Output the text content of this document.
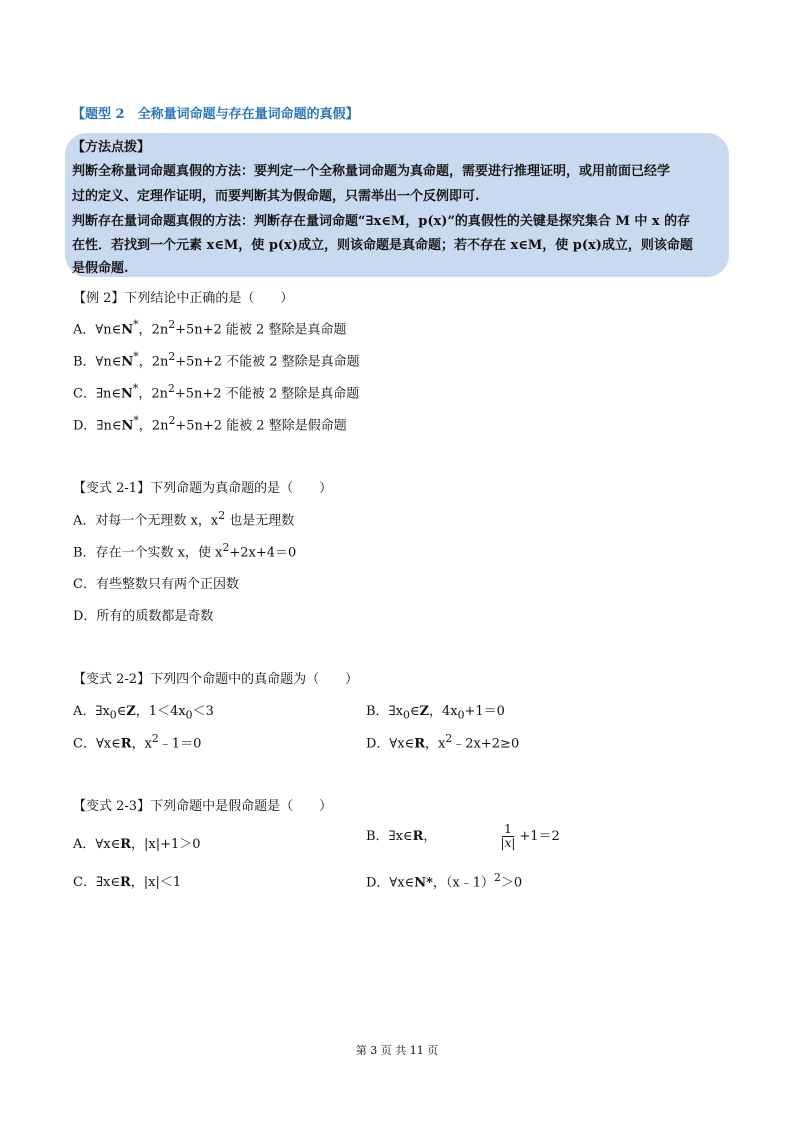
【题型 2　全称量词命题与存在量词命题的真假】
【方法点拨】
判断全称量词命题真假的方法：要判定一个全称量词命题为真命题，需要进行推理证明，或用前面已经学
过的定义、定理作证明，而要判断其为假命题，只需举出一个反例即可.
判断存在量词命题真假的方法：判断存在量词命题“∃x∈M，p(x)”的真假性的关键是探究集合 M 中 x 的存
在性．若找到一个元素 x∈M，使 p(x)成立，则该命题是真命题；若不存在 x∈M，使 p(x)成立，则该命题
是假命题.
【例 2】下列结论中正确的是（　　）
A．∀n∈N*，$2n^2+5n+2$ 能被 2 整除是真命题
B．∀n∈N*，$2n^2+5n+2$ 不能被 2 整除是真命题
C．∃n∈N*，$2n^2+5n+2$ 不能被 2 整除是真命题
D．∃n∈N*，$2n^2+5n+2$ 能被 2 整除是假命题
【变式 2-1】下列命题为真命题的是（　　）
A．对每一个无理数 x，$x^2$ 也是无理数
B．存在一个实数 x，使 $x^2+2x+4=0$
C．有些整数只有两个正因数
D．所有的质数都是奇数
【变式 2-2】下列四个命题中的真命题为（　　）
A．$\exists x_0\in Z$，$1<4x_0<3$	B．$\exists x_0\in Z$，$4x_0+1=0$
C．∀x∈R，$x^2﹣1=0$	D．∀x∈R，$x^2﹣2x+2\ge 0$
【变式 2-3】下列命题中是假命题是（　　）
A．∀x∈R，|x|+1＞0
B．∃x∈R，	$\frac{1}{|x|} +1=2$
C．∃x∈R，|x|＜1	D．∀x∈N*，（x﹣1）$^2$＞0
第 3 页 共 11 页
